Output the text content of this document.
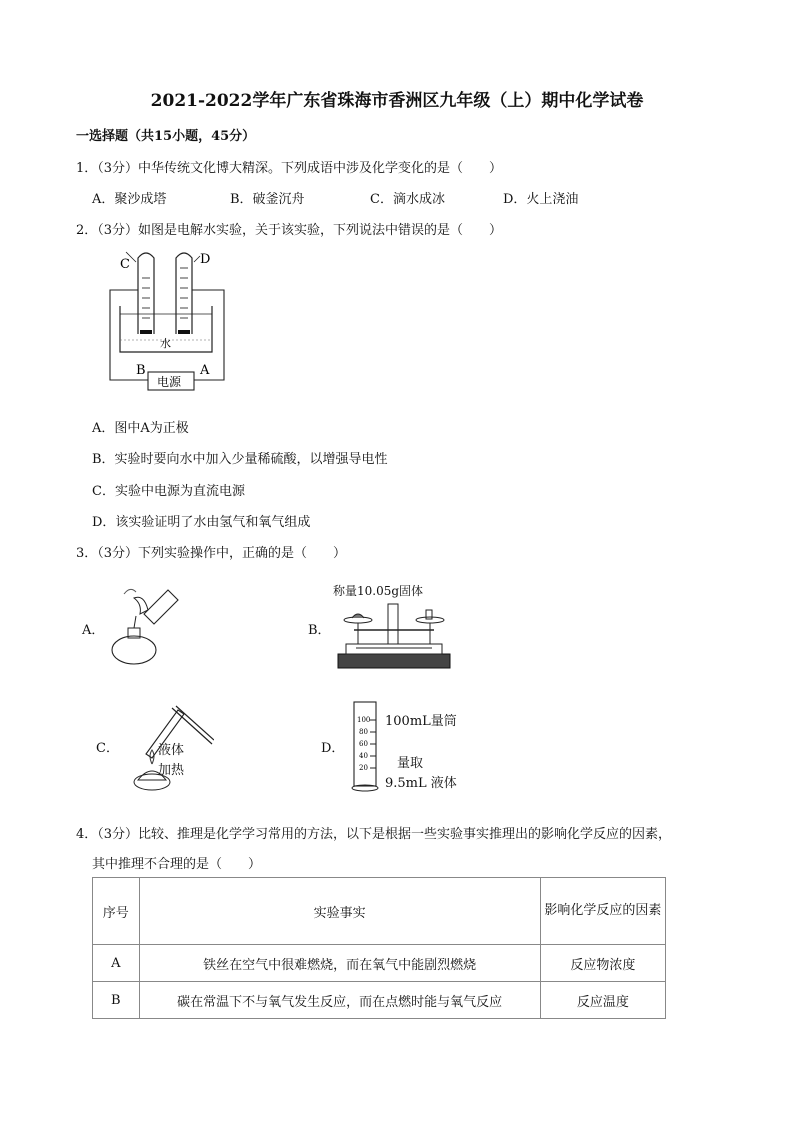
2021-2022学年广东省珠海市香洲区九年级（上）期中化学试卷
一选择题（共15小题，45分）
1．（3分）中华传统文化博大精深。下列成语中涉及化学变化的是（　　）
A．聚沙成塔	B．破釜沉舟	C．滴水成冰	D．火上浇油
2．（3分）如图是电解水实验，关于该实验，下列说法中错误的是（　　）
C	D
B	A
电源
水
A．图中A为正极
B．实验时要向水中加入少量稀硫酸，以增强导电性
C．实验中电源为直流电源
D．该实验证明了水由氢气和氧气组成
3．（3分）下列实验操作中，正确的是（　　）
A．	B．
称量10.05g固体
C．	液体
加热
D．
100
80
60
40
20
100mL量筒
量取
9.5mL 液体
4．（3分）比较、推理是化学学习常用的方法，以下是根据一些实验事实推理出的影响化学反应的因素，
其中推理不合理的是（　　）
序号	实验事实	影响化学反应的因素
A	铁丝在空气中很难燃烧，而在氧气中能剧烈燃烧	反应物浓度
B	碳在常温下不与氧气发生反应，而在点燃时能与氧气反应	反应温度
